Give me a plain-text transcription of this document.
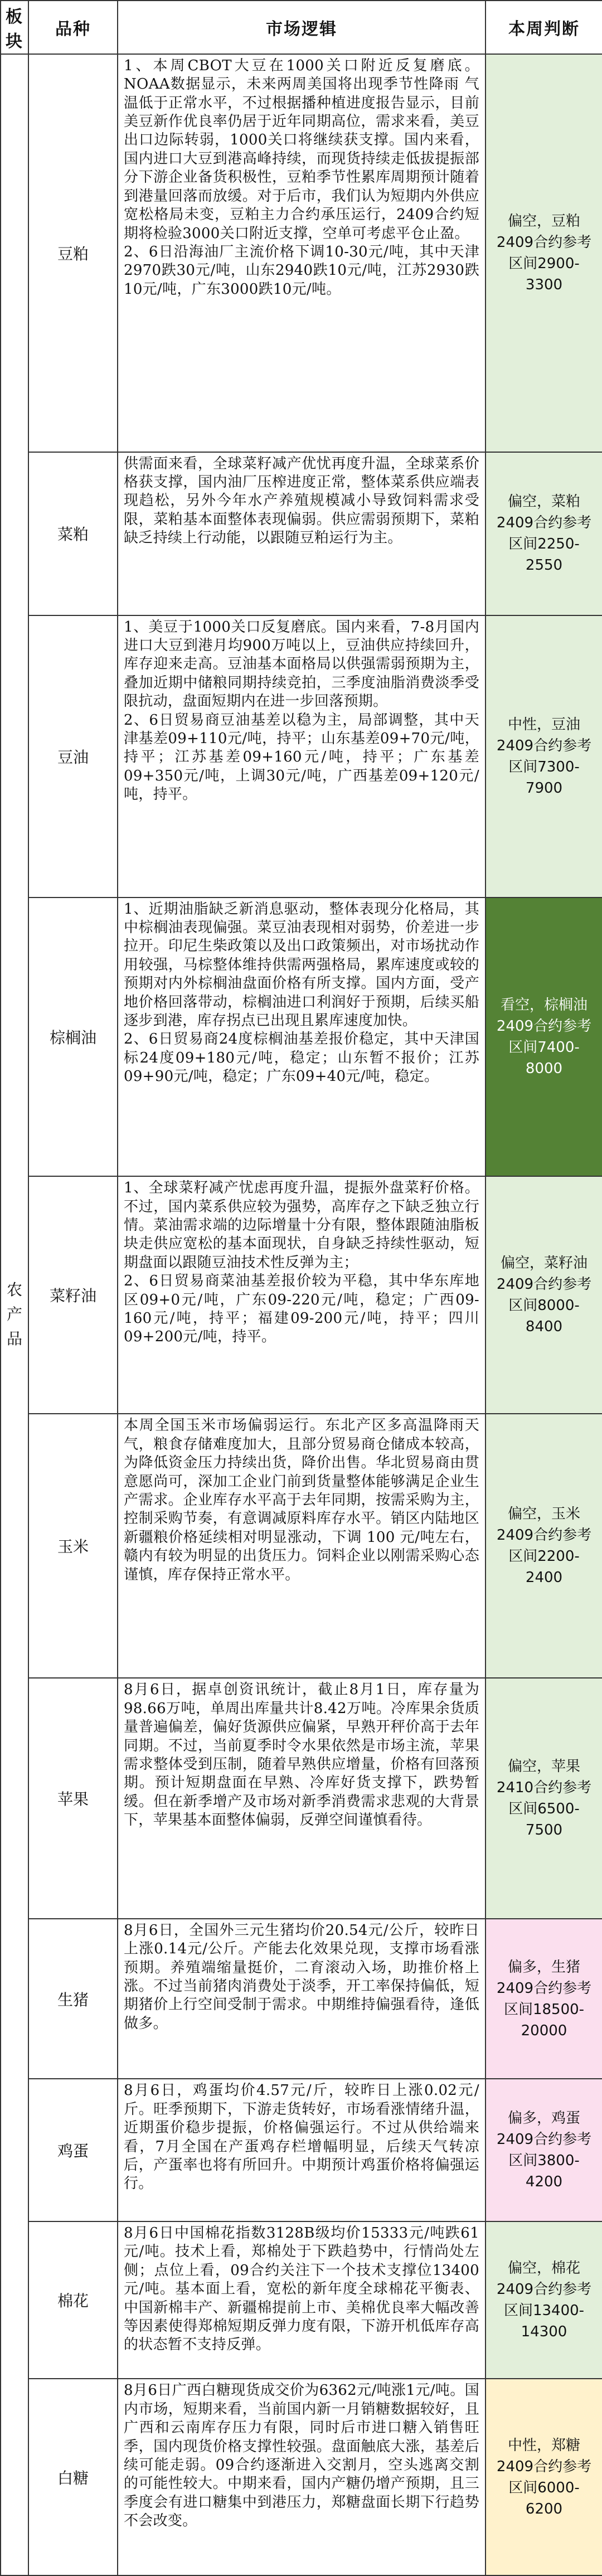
板块	品种	市场逻辑	本周判断
农产品	豆粕	1、本周CBOT大豆在1000关口附近反复磨底。NOAA数据显示，未来两周美国将出现季节性降雨 气温低于正常水平，不过根据播种植进度报告显示，目前美豆新作优良率仍居于近年同期高位，需求来看，美豆出口边际转弱，1000关口将继续获支撑。国内来看，国内进口大豆到港高峰持续，而现货持续走低拔提振部分下游企业备货积极性，豆粕季节性累库周期预计随着到港量回落而放缓。对于后市，我们认为短期内外供应宽松格局未变，豆粕主力合约承压运行，2409合约短期将检验3000关口附近支撑，空单可考虑平仓止盈。

2、6日沿海油厂主流价格下调10-30元/吨，其中天津2970跌30元/吨，山东2940跌10元/吨，江苏2930跌10元/吨，广东3000跌10元/吨。	偏空，豆粕2409合约参考区间2900-3300
	菜粕	供需面来看，全球菜籽减产优忧再度升温，全球菜系价格获支撑，国内油厂压榨进度正常，整体菜系供应端表现趋松，另外今年水产养殖规模减小导致饲料需求受限，菜粕基本面整体表现偏弱。供应需弱预期下，菜粕缺乏持续上行动能，以跟随豆粕运行为主。	偏空，菜粕2409合约参考区间2250-2550
	豆油	1、美豆于1000关口反复磨底。国内来看，7-8月国内进口大豆到港月均900万吨以上，豆油供应持续回升，库存迎来走高。豆油基本面格局以供强需弱预期为主，叠加近期中储粮同期持续竞拍，三季度油脂消费淡季受限抗动，盘面短期内在进一步回落预期。

2、6日贸易商豆油基差以稳为主，局部调整，其中天津基差09+110元/吨，持平；山东基差09+70元/吨，持平；江苏基差09+160元/吨，持平；广东基差09+350元/吨，上调30元/吨，广西基差09+120元/吨，持平。	中性，豆油2409合约参考区间7300-7900
	棕榈油	1、近期油脂缺乏新消息驱动，整体表现分化格局，其中棕榈油表现偏强。菜豆油表现相对弱势，价差进一步拉开。印尼生柴政策以及出口政策频出，对市场扰动作用较强，马棕整体维持供需两强格局，累库速度或较的预期对内外棕榈油盘面价格有所支撑。国内方面，受产地价格回落带动，棕榈油进口利润好于预期，后续买船逐步到港，库存拐点已出现且累库速度加快。

2、6日贸易商24度棕榈油基差报价稳定，其中天津国标24度09+180元/吨，稳定；山东暂不报价；江苏09+90元/吨，稳定；广东09+40元/吨，稳定。	看空，棕榈油2409合约参考区间7400-8000
	菜籽油	1、全球菜籽减产忧虑再度升温，提振外盘菜籽价格。不过，国内菜系供应较为强势，高库存之下缺乏独立行情。菜油需求端的边际增量十分有限，整体跟随油脂板块走供应宽松的基本面现状，自身缺乏持续性驱动，短期盘面以跟随豆油技术性反弹为主；

2、6日贸易商菜油基差报价较为平稳，其中华东库地区09+0元/吨，广东09-220元/吨，稳定；广西09-160元/吨，持平；福建09-200元/吨，持平；四川09+200元/吨，持平。	偏空，菜籽油2409合约参考区间8000-8400
	玉米	本周全国玉米市场偏弱运行。东北产区多高温降雨天气，粮食存储难度加大，且部分贸易商仓储成本较高，为降低资金压力持续出货，降价出售。华北贸易商由贯意愿尚可，深加工企业门前到货量整体能够满足企业生产需求。企业库存水平高于去年同期，按需采购为主，控制采购节奏，有意调减原料库存水平。销区内陆地区新疆粮价格延续相对明显涨动，下调 100 元/吨左右，赣内有较为明显的出货压力。饲料企业以刚需采购心态谨慎，库存保持正常水平。	偏空，玉米2409合约参考区间2200-2400
	苹果	8月6日，据卓创资讯统计，截止8月1日，库存量为98.66万吨，单周出库量共计8.42万吨。冷库果余货质量普遍偏差，偏好货源供应偏紧，早熟开秤价高于去年同期。不过，当前夏季时令水果依然是市场主流，苹果需求整体受到压制，随着早熟供应增量，价格有回落预期。预计短期盘面在早熟、冷库好货支撑下，跌势暂缓。但在新季增产及市场对新季消费需求悲观的大背景下，苹果基本面整体偏弱，反弹空间谨慎看待。	偏空，苹果2410合约参考区间6500-7500
	生猪	8月6日，全国外三元生猪均价20.54元/公斤，较昨日上涨0.14元/公斤。产能去化效果兑现，支撑市场看涨预期。养殖端缩量挺价，二育滚动入场，助推价格上涨。不过当前猪肉消费处于淡季，开工率保持偏低，短期猪价上行空间受制于需求。中期维持偏强看待，逢低做多。	偏多，生猪2409合约参考区间18500-20000
	鸡蛋	8月6日，鸡蛋均价4.57元/斤，较昨日上涨0.02元/斤。旺季预期下，下游走货转好，市场看涨情绪升温，近期蛋价稳步提振，价格偏强运行。不过从供给端来看，7月全国在产蛋鸡存栏增幅明显，后续天气转凉后，产蛋率也将有所回升。中期预计鸡蛋价格将偏强运行。	偏多，鸡蛋2409合约参考区间3800-4200
	棉花	8月6日中国棉花指数3128B级均价15333元/吨跌61元/吨。技术上看，郑棉处于下跌趋势中，行情尚处左侧；点位上看，09合约关注下一个技术支撑位13400元/吨。基本面上看，宽松的新年度全球棉花平衡表、中国新棉丰产、新疆棉提前上市、美棉优良率大幅改善等因素使得郑棉短期反弹力度有限，下游开机低库存高的状态暂不支持反弹。	偏空，棉花2409合约参考区间13400-14300
	白糖	8月6日广西白糖现货成交价为6362元/吨涨1元/吨。国内市场，短期来看，当前国内新一月销糖数据较好，且广西和云南库存压力有限，同时后市进口糖入销售旺季，国内现货价格支撑性较强。盘面触底大涨，基差后续可能走弱。09合约逐渐进入交割月，空头逃离交割的可能性较大。中期来看，国内产糖仍增产预期，且三季度会有进口糖集中到港压力，郑糖盘面长期下行趋势不会改变。	中性，郑糖2409合约参考区间6000-6200
